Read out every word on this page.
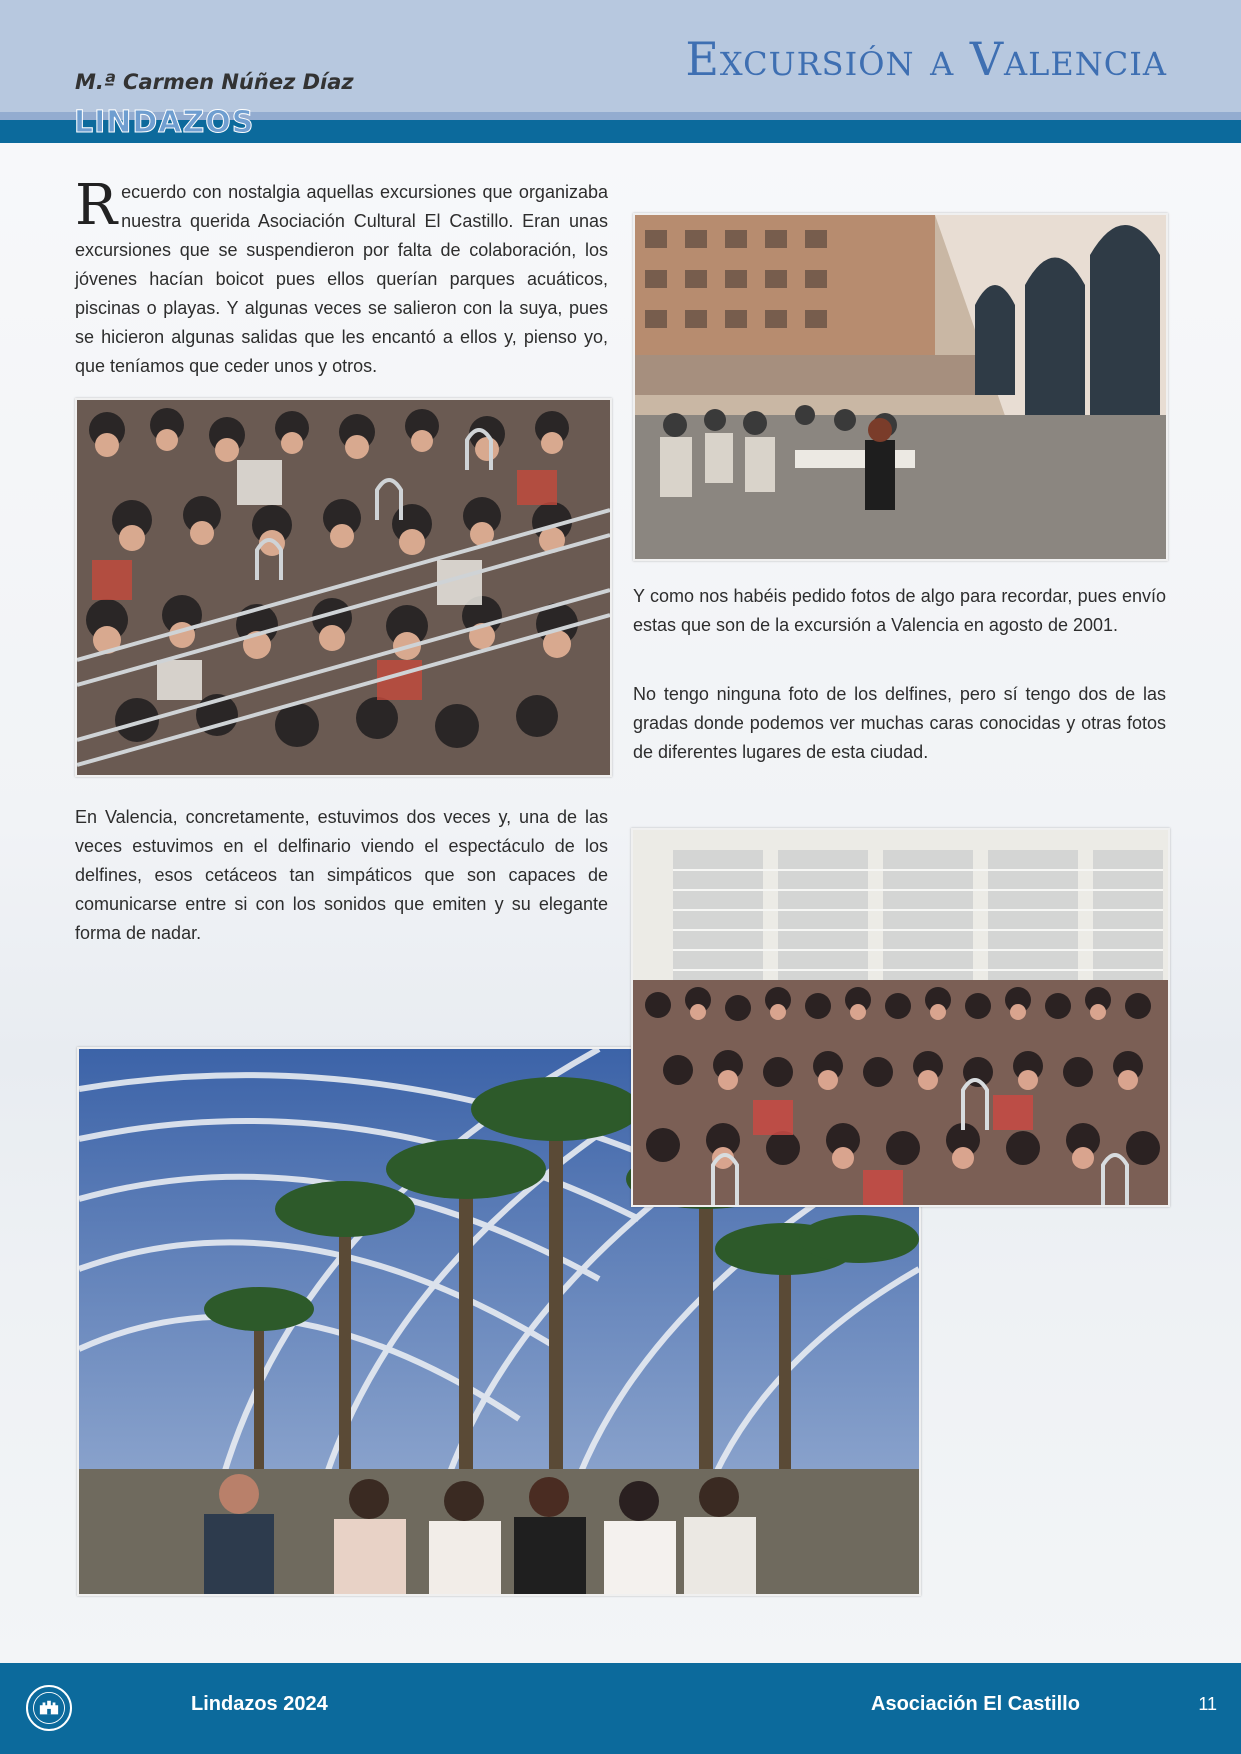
Excursión a Valencia
M.ª Carmen Núñez Díaz
LINDAZOS

Recuerdo con nostalgia aquellas excursiones que organizaba nuestra querida Asociación Cultural El Castillo. Eran unas excursiones que se suspendieron por falta de colaboración, los jóvenes hacían boicot pues ellos querían parques acuáticos, piscinas o playas. Y algunas veces se salieron con la suya, pues se hicieron algunas salidas que les encantó a ellos y, pienso yo, que teníamos que ceder unos y otros.

Y como nos habéis pedido fotos de algo para recordar, pues envío estas que son de la excursión a Valencia en agosto de 2001.

No tengo ninguna foto de los delfines, pero sí tengo dos de las gradas donde podemos ver muchas caras conocidas y otras fotos de diferentes lugares de esta ciudad.

En Valencia, concretamente, estuvimos dos veces y, una de las veces estuvimos en el delfinario viendo el espectáculo de los delfines, esos cetáceos tan simpáticos que son capaces de comunicarse entre si con los sonidos que emiten y su elegante forma de nadar.

Lindazos 2024	Asociación El Castillo	11
